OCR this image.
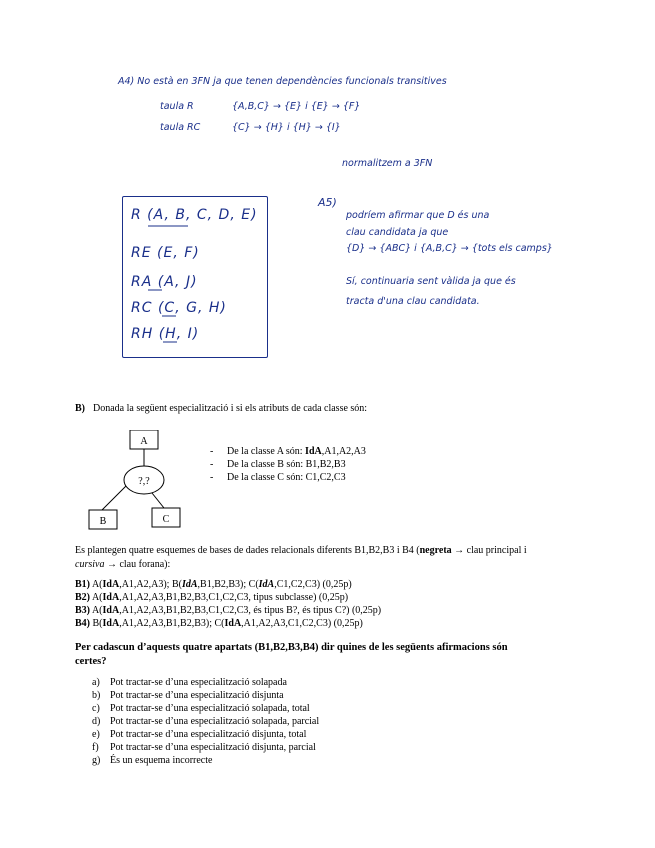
A4) No està en 3FN ja que tenen dependències funcionals transitives
taula R	{A,B,C} → {E} i {E} → {F}
taula RC	{C} → {H} i {H} → {I}
normalitzem a 3FN
R (A, B, C, D, E)
RE (E, F)
RA (A, J)
RC (C, G, H)
RH (H, I)
A5)
podríem afirmar que D és una
clau candidata ja que
{D} → {ABC} i {A,B,C} → {tots els camps}
Sí, continuaria sent vàlida ja que és
tracta d'una clau candidata.
B) Donada la següent especialització i si els atributs de cada classe són:
A
?,?
B	C
- De la classe A són: IdA,A1,A2,A3
- De la classe B són: B1,B2,B3
- De la classe C són: C1,C2,C3
Es plantegen quatre esquemes de bases de dades relacionals diferents B1,B2,B3 i B4 (negreta → clau principal i
cursiva → clau forana):
B1) A(IdA,A1,A2,A3); B(IdA,B1,B2,B3); C(IdA,C1,C2,C3) (0,25p)
B2) A(IdA,A1,A2,A3,B1,B2,B3,C1,C2,C3, tipus subclasse) (0,25p)
B3) A(IdA,A1,A2,A3,B1,B2,B3,C1,C2,C3, és tipus B?, és tipus C?) (0,25p)
B4) B(IdA,A1,A2,A3,B1,B2,B3); C(IdA,A1,A2,A3,C1,C2,C3) (0,25p)
Per cadascun d’aquests quatre apartats (B1,B2,B3,B4) dir quines de les següents afirmacions són
certes?
a) Pot tractar-se d’una especialització solapada
b) Pot tractar-se d’una especialització disjunta
c) Pot tractar-se d’una especialització solapada, total
d) Pot tractar-se d’una especialització solapada, parcial
e) Pot tractar-se d’una especialització disjunta, total
f) Pot tractar-se d’una especialització disjunta, parcial
g) És un esquema incorrecte
